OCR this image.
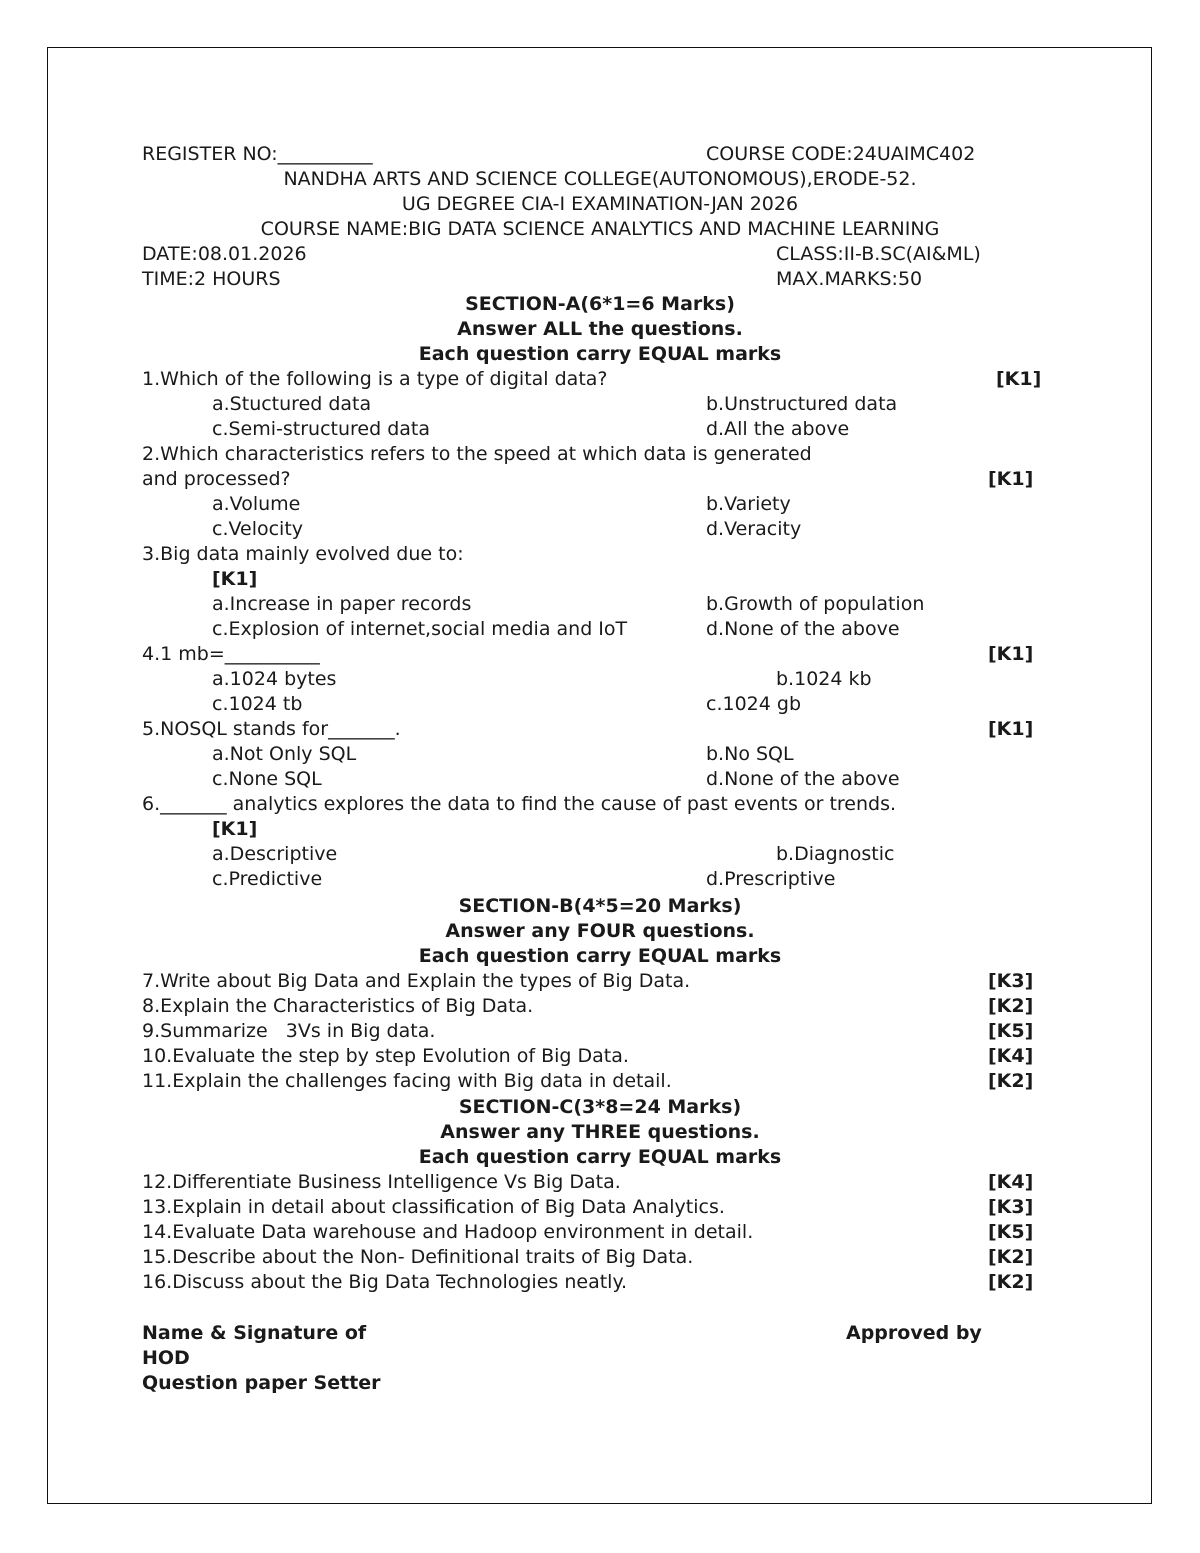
REGISTER NO:__________	COURSE CODE:24UAIMC402
NANDHA ARTS AND SCIENCE COLLEGE(AUTONOMOUS),ERODE-52.
UG DEGREE CIA-I EXAMINATION-JAN 2026
COURSE NAME:BIG DATA SCIENCE ANALYTICS AND MACHINE LEARNING
DATE:08.01.2026	CLASS:II-B.SC(AI&ML)
TIME:2 HOURS	MAX.MARKS:50
SECTION-A(6*1=6 Marks)
Answer ALL the questions.
Each question carry EQUAL marks
1.Which of the following is a type of digital data?	[K1]
a.Stuctured data	b.Unstructured data
c.Semi-structured data	d.All the above
2.Which characteristics refers to the speed at which data is generated
and processed?	[K1]
a.Volume	b.Variety
c.Velocity	d.Veracity
3.Big data mainly evolved due to:
[K1]
a.Increase in paper records	b.Growth of population
c.Explosion of internet,social media and IoT	d.None of the above
4.1 mb=__________	[K1]
a.1024 bytes	b.1024 kb
c.1024 tb	c.1024 gb
5.NOSQL stands for_______.	[K1]
a.Not Only SQL	b.No SQL
c.None SQL	d.None of the above
6._______ analytics explores the data to find the cause of past events or trends.
[K1]
a.Descriptive	b.Diagnostic
c.Predictive	d.Prescriptive
SECTION-B(4*5=20 Marks)
Answer any FOUR questions.
Each question carry EQUAL marks
7.Write about Big Data and Explain the types of Big Data.	[K3]
8.Explain the Characteristics of Big Data.	[K2]
9.Summarize   3Vs in Big data.	[K5]
10.Evaluate the step by step Evolution of Big Data.	[K4]
11.Explain the challenges facing with Big data in detail.	[K2]
SECTION-C(3*8=24 Marks)
Answer any THREE questions.
Each question carry EQUAL marks
12.Differentiate Business Intelligence Vs Big Data.	[K4]
13.Explain in detail about classification of Big Data Analytics.	[K3]
14.Evaluate Data warehouse and Hadoop environment in detail.	[K5]
15.Describe about the Non- Definitional traits of Big Data.	[K2]
16.Discuss about the Big Data Technologies neatly.	[K2]
Name & Signature of	Approved by
HOD
Question paper Setter
